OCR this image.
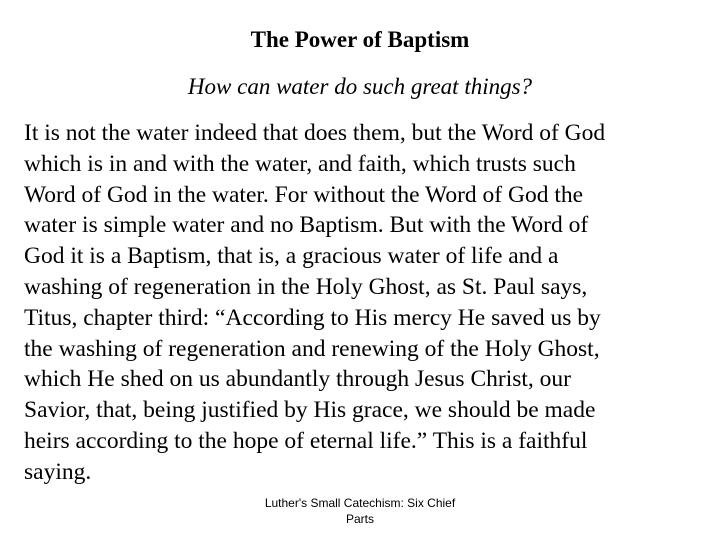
The Power of Baptism
How can water do such great things?

It is not the water indeed that does them, but the Word of God
which is in and with the water, and faith, which trusts such
Word of God in the water. For without the Word of God the
water is simple water and no Baptism. But with the Word of
God it is a Baptism, that is, a gracious water of life and a
washing of regeneration in the Holy Ghost, as St. Paul says,
Titus, chapter third: “According to His mercy He saved us by
the washing of regeneration and renewing of the Holy Ghost,
which He shed on us abundantly through Jesus Christ, our
Savior, that, being justified by His grace, we should be made
heirs according to the hope of eternal life.” This is a faithful
saying.

Luther's Small Catechism: Six Chief
Parts
